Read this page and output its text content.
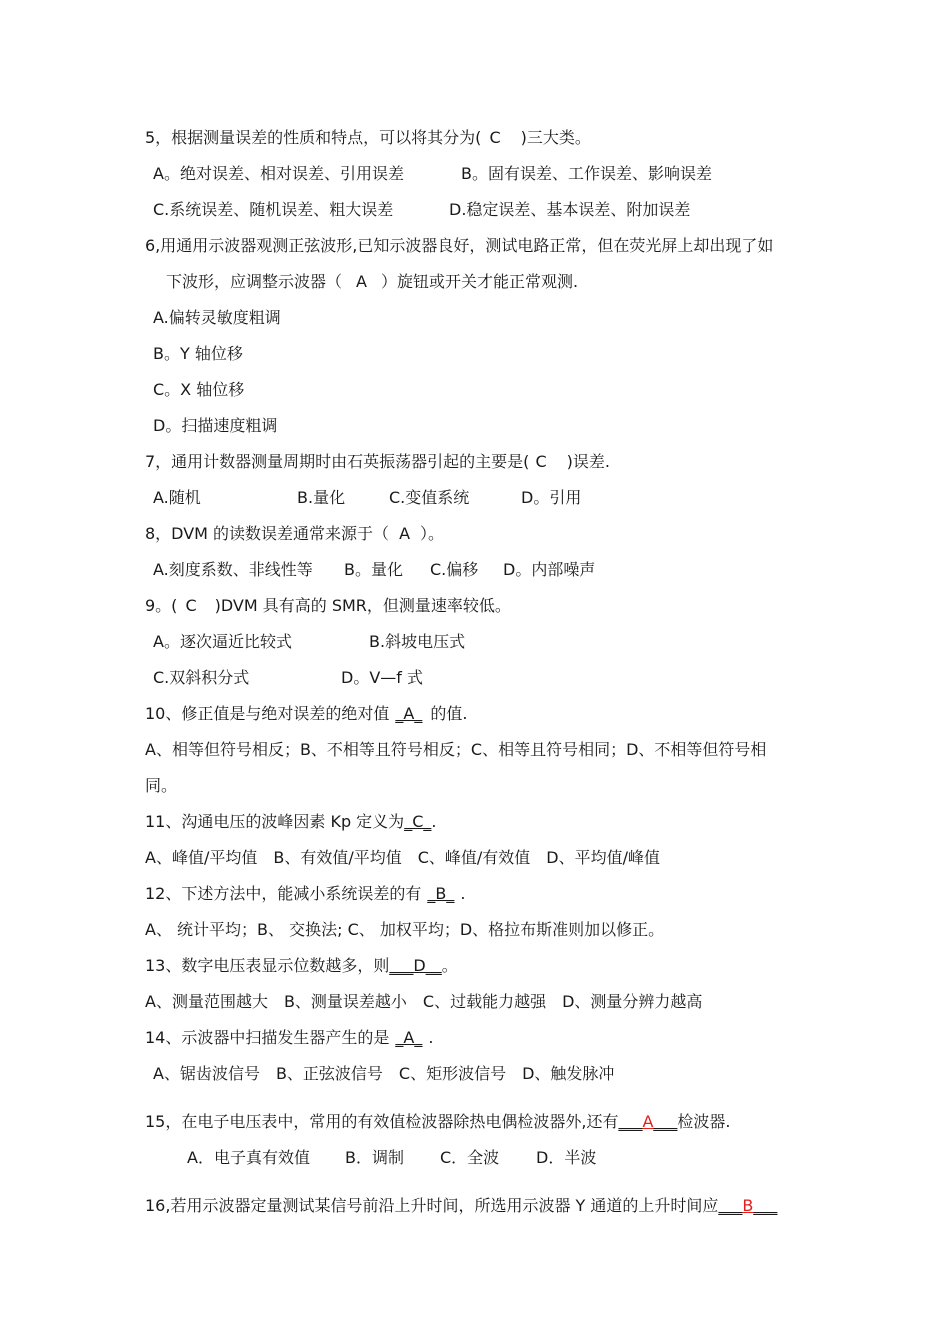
5，根据测量误差的性质和特点，可以将其分为( C )三大类。
A。绝对误差、相对误差、引用误差	B。固有误差、工作误差、影响误差
C.系统误差、随机误差、粗大误差	D.稳定误差、基本误差、附加误差
6,用通用示波器观测正弦波形,已知示波器良好，测试电路正常，但在荧光屏上却出现了如
下波形，应调整示波器（ A ）旋钮或开关才能正常观测.
A.偏转灵敏度粗调
B。Y 轴位移
C。X 轴位移
D。扫描速度粗调
7，通用计数器测量周期时由石英振荡器引起的主要是( C )误差.
A.随机	B.量化	C.变值系统	D。引用
8，DVM 的读数误差通常来源于（ A ）。
A.刻度系数、非线性等 B。量化 C.偏移 D。内部噪声
9。( C )DVM 具有高的 SMR，但测量速率较低。
A。逐次逼近比较式	B.斜坡电压式
C.双斜积分式	D。V—f 式
10、修正值是与绝对误差的绝对值 _A_ 的值.
A、相等但符号相反；B、不相等且符号相反；C、相等且符号相同；D、不相等但符号相
同。
11、沟通电压的波峰因素 Kp 定义为_C_.
A、峰值/平均值　B、有效值/平均值　C、峰值/有效值　D、平均值/峰值
12、下述方法中，能减小系统误差的有 _B_ .
A、 统计平均；B、 交换法; C、 加权平均；D、格拉布斯准则加以修正。
13、数字电压表显示位数越多，则___D__。
A、测量范围越大　B、测量误差越小　C、过载能力越强　D、测量分辨力越高
14、示波器中扫描发生器产生的是 _A_ .
A、锯齿波信号　B、正弦波信号　C、矩形波信号　D、触发脉冲
15，在电子电压表中，常用的有效值检波器除热电偶检波器外,还有___A___检波器.
A．电子真有效值 B．调制 C．全波 D．半波
16,若用示波器定量测试某信号前沿上升时间，所选用示波器 Y 通道的上升时间应___B___
